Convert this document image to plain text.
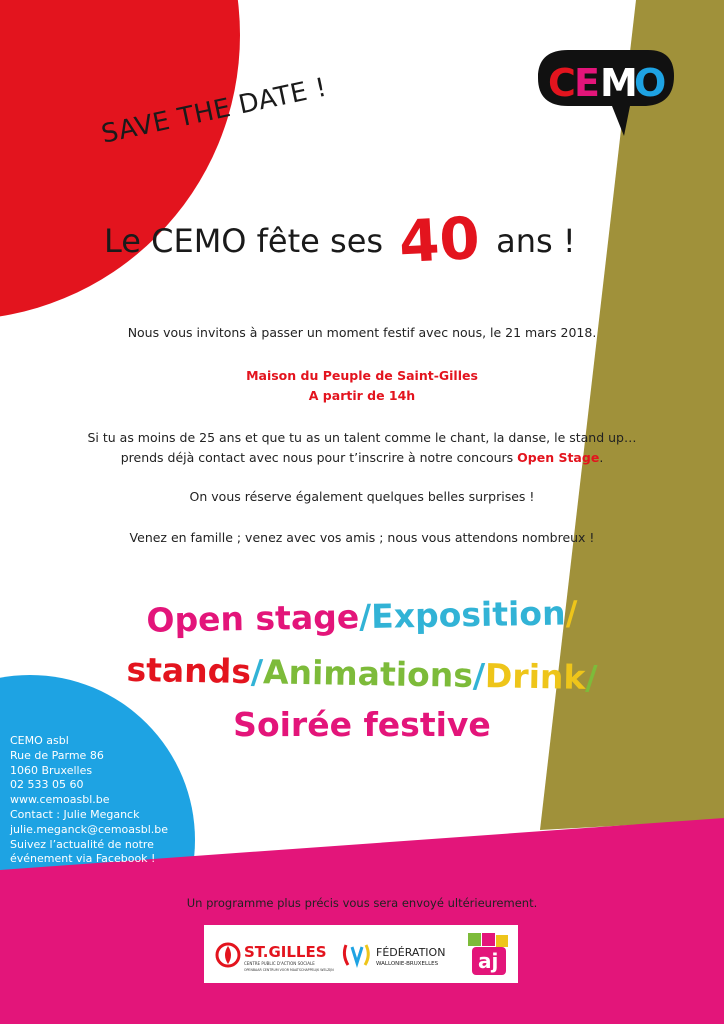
C
E M
O
SAVE THE DATE !
Le CEMO fête ses 40 ans !
Nous vous invitons à passer un moment festif avec nous, le 21 mars 2018.
Maison du Peuple de Saint-Gilles
A partir de 14h
Si tu as moins de 25 ans et que tu as un talent comme le chant, la danse, le stand up…
prends déjà contact avec nous pour t’inscrire à notre concours Open Stage.
On vous réserve également quelques belles surprises !
Venez en famille ; venez avec vos amis ; nous vous attendons nombreux !
Open stage/Exposition/
stands/Animations/Drink/
Soirée festive
CEMO asbl
Rue de Parme 86
1060 Bruxelles
02 533 05 60
www.cemoasbl.be
Contact : Julie Meganck
julie.meganck@cemoasbl.be
Suivez l’actualité de notre
événement via Facebook !
Un programme plus précis vous sera envoyé ultérieurement.
ST.GILLES
CENTRE PUBLIC D'ACTION SOCIALE
OPENBAAR CENTRUM VOOR MAATSCHAPPELIJK WELZIJN
FÉDÉRATION
WALLONIE-BRUXELLES aj
